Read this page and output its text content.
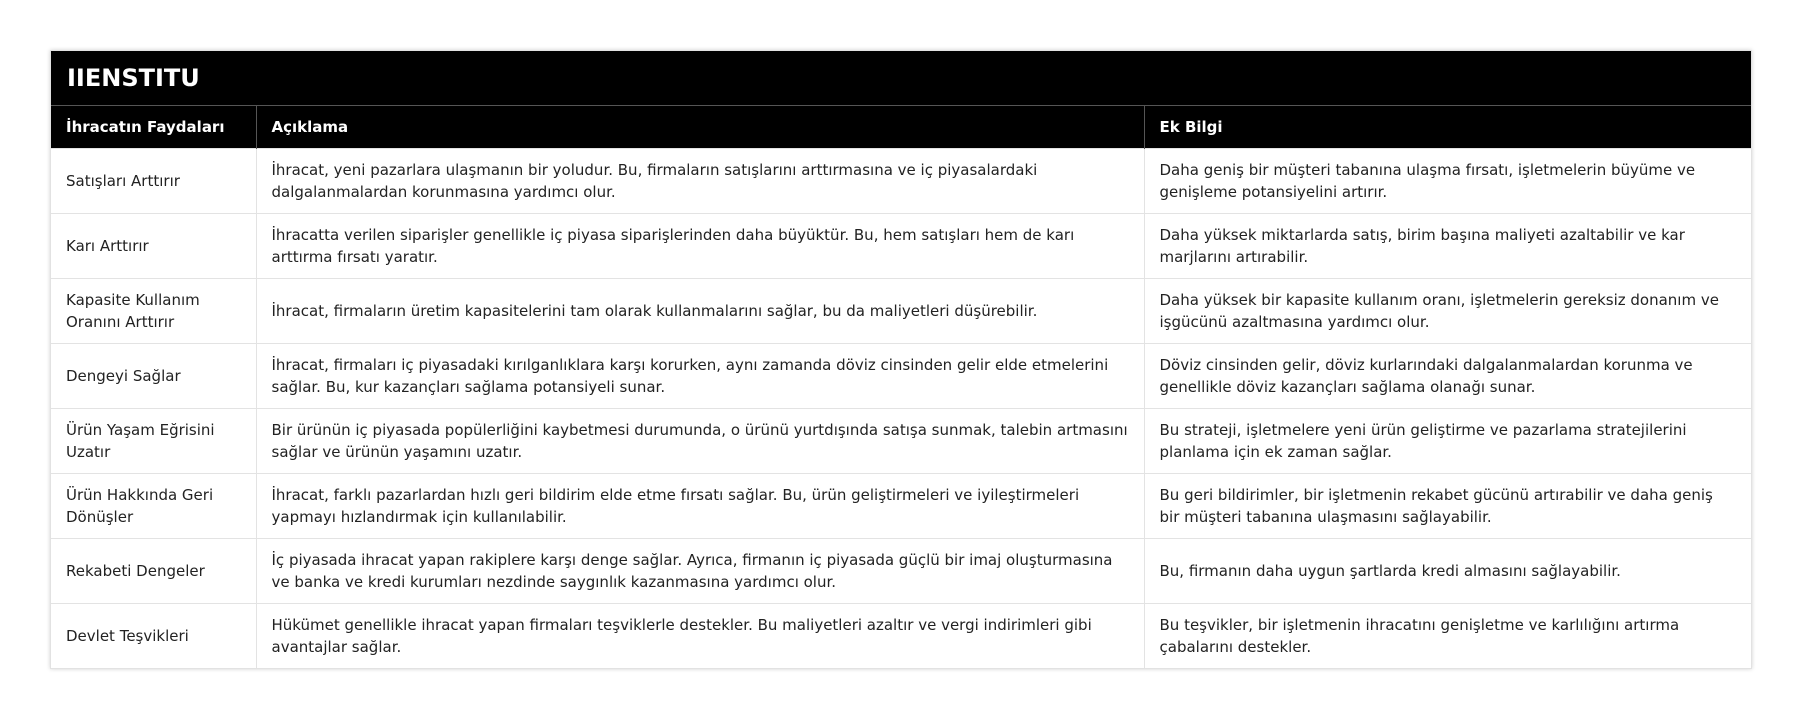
IIENSTITU
İhracatın Faydaları	Açıklama	Ek Bilgi
Satışları Arttırır	İhracat, yeni pazarlara ulaşmanın bir yoludur. Bu, firmaların satışlarını arttırmasına ve iç piyasalardaki dalgalanmalardan korunmasına yardımcı olur.	Daha geniş bir müşteri tabanına ulaşma fırsatı, işletmelerin büyüme ve genişleme potansiyelini artırır.
Karı Arttırır	İhracatta verilen siparişler genellikle iç piyasa siparişlerinden daha büyüktür. Bu, hem satışları hem de karı arttırma fırsatı yaratır.	Daha yüksek miktarlarda satış, birim başına maliyeti azaltabilir ve kar marjlarını artırabilir.
Kapasite Kullanım Oranını Arttırır	İhracat, firmaların üretim kapasitelerini tam olarak kullanmalarını sağlar, bu da maliyetleri düşürebilir.	Daha yüksek bir kapasite kullanım oranı, işletmelerin gereksiz donanım ve işgücünü azaltmasına yardımcı olur.
Dengeyi Sağlar	İhracat, firmaları iç piyasadaki kırılganlıklara karşı korurken, aynı zamanda döviz cinsinden gelir elde etmelerini sağlar. Bu, kur kazançları sağlama potansiyeli sunar.	Döviz cinsinden gelir, döviz kurlarındaki dalgalanmalardan korunma ve genellikle döviz kazançları sağlama olanağı sunar.
Ürün Yaşam Eğrisini Uzatır	Bir ürünün iç piyasada popülerliğini kaybetmesi durumunda, o ürünü yurtdışında satışa sunmak, talebin artmasını sağlar ve ürünün yaşamını uzatır.	Bu strateji, işletmelere yeni ürün geliştirme ve pazarlama stratejilerini planlama için ek zaman sağlar.
Ürün Hakkında Geri Dönüşler	İhracat, farklı pazarlardan hızlı geri bildirim elde etme fırsatı sağlar. Bu, ürün geliştirmeleri ve iyileştirmeleri yapmayı hızlandırmak için kullanılabilir.	Bu geri bildirimler, bir işletmenin rekabet gücünü artırabilir ve daha geniş bir müşteri tabanına ulaşmasını sağlayabilir.
Rekabeti Dengeler	İç piyasada ihracat yapan rakiplere karşı denge sağlar. Ayrıca, firmanın iç piyasada güçlü bir imaj oluşturmasına ve banka ve kredi kurumları nezdinde saygınlık kazanmasına yardımcı olur.	Bu, firmanın daha uygun şartlarda kredi almasını sağlayabilir.
Devlet Teşvikleri	Hükümet genellikle ihracat yapan firmaları teşviklerle destekler. Bu maliyetleri azaltır ve vergi indirimleri gibi avantajlar sağlar.	Bu teşvikler, bir işletmenin ihracatını genişletme ve karlılığını artırma çabalarını destekler.
